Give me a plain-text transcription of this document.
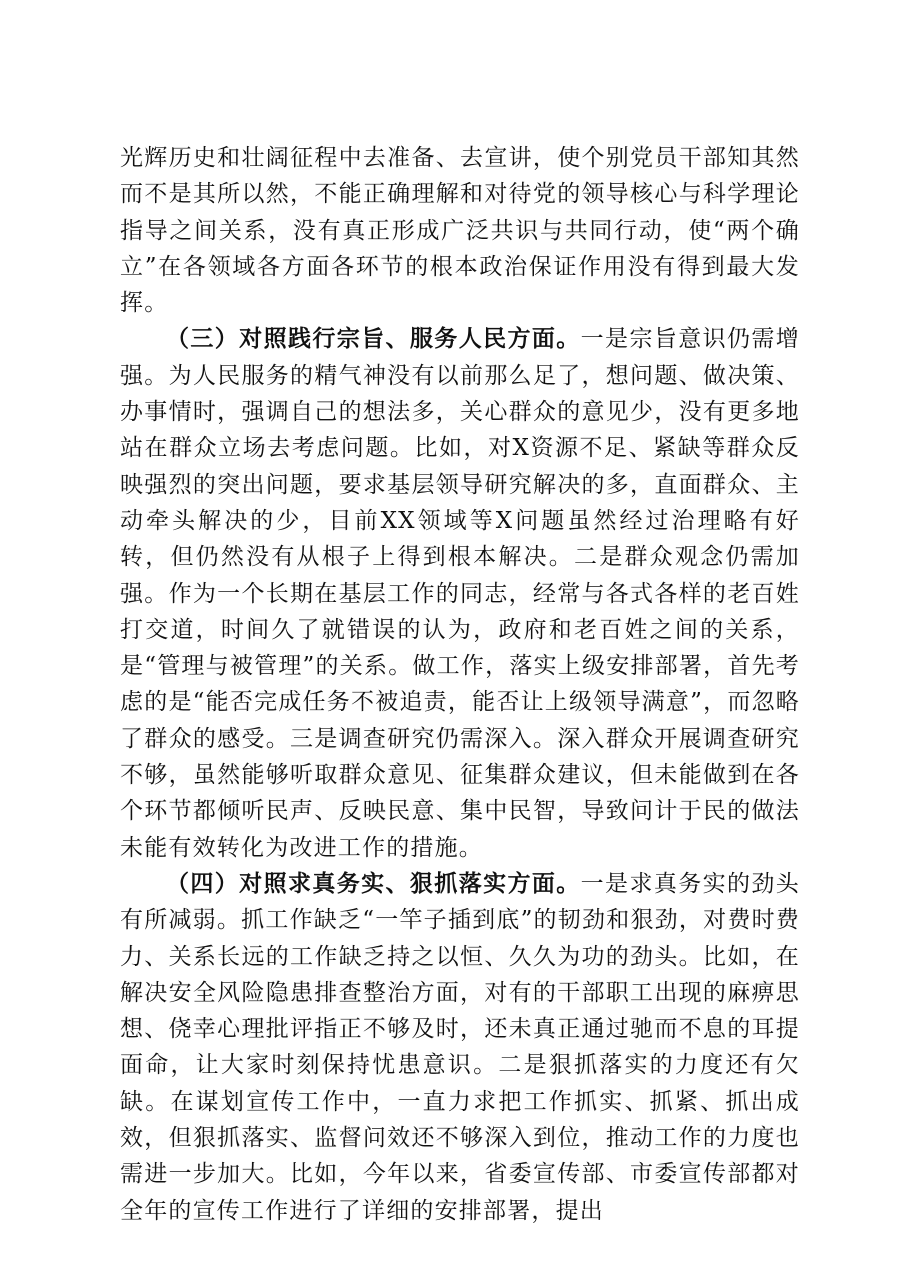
光辉历史和壮阔征程中去准备、去宣讲，使个别党员干部知其然而不是其所以然，不能正确理解和对待党的领导核心与科学理论指导之间关系，没有真正形成广泛共识与共同行动，使“两个确立”在各领域各方面各环节的根本政治保证作用没有得到最大发挥。

（三）对照践行宗旨、服务人民方面。一是宗旨意识仍需增强。为人民服务的精气神没有以前那么足了，想问题、做决策、办事情时，强调自己的想法多，关心群众的意见少，没有更多地站在群众立场去考虑问题。比如，对X资源不足、紧缺等群众反映强烈的突出问题，要求基层领导研究解决的多，直面群众、主动牵头解决的少，目前XX领域等X问题虽然经过治理略有好转，但仍然没有从根子上得到根本解决。二是群众观念仍需加强。作为一个长期在基层工作的同志，经常与各式各样的老百姓打交道，时间久了就错误的认为，政府和老百姓之间的关系，是“管理与被管理”的关系。做工作，落实上级安排部署，首先考虑的是“能否完成任务不被追责，能否让上级领导满意”，而忽略了群众的感受。三是调查研究仍需深入。深入群众开展调查研究不够，虽然能够听取群众意见、征集群众建议，但未能做到在各个环节都倾听民声、反映民意、集中民智，导致问计于民的做法未能有效转化为改进工作的措施。

（四）对照求真务实、狠抓落实方面。一是求真务实的劲头有所减弱。抓工作缺乏“一竿子插到底”的韧劲和狠劲，对费时费力、关系长远的工作缺乏持之以恒、久久为功的劲头。比如，在解决安全风险隐患排查整治方面，对有的干部职工出现的麻痹思想、侥幸心理批评指正不够及时，还未真正通过驰而不息的耳提面命，让大家时刻保持忧患意识。二是狠抓落实的力度还有欠缺。在谋划宣传工作中，一直力求把工作抓实、抓紧、抓出成效，但狠抓落实、监督问效还不够深入到位，推动工作的力度也需进一步加大。比如，今年以来，省委宣传部、市委宣传部都对全年的宣传工作进行了详细的安排部署，提出
